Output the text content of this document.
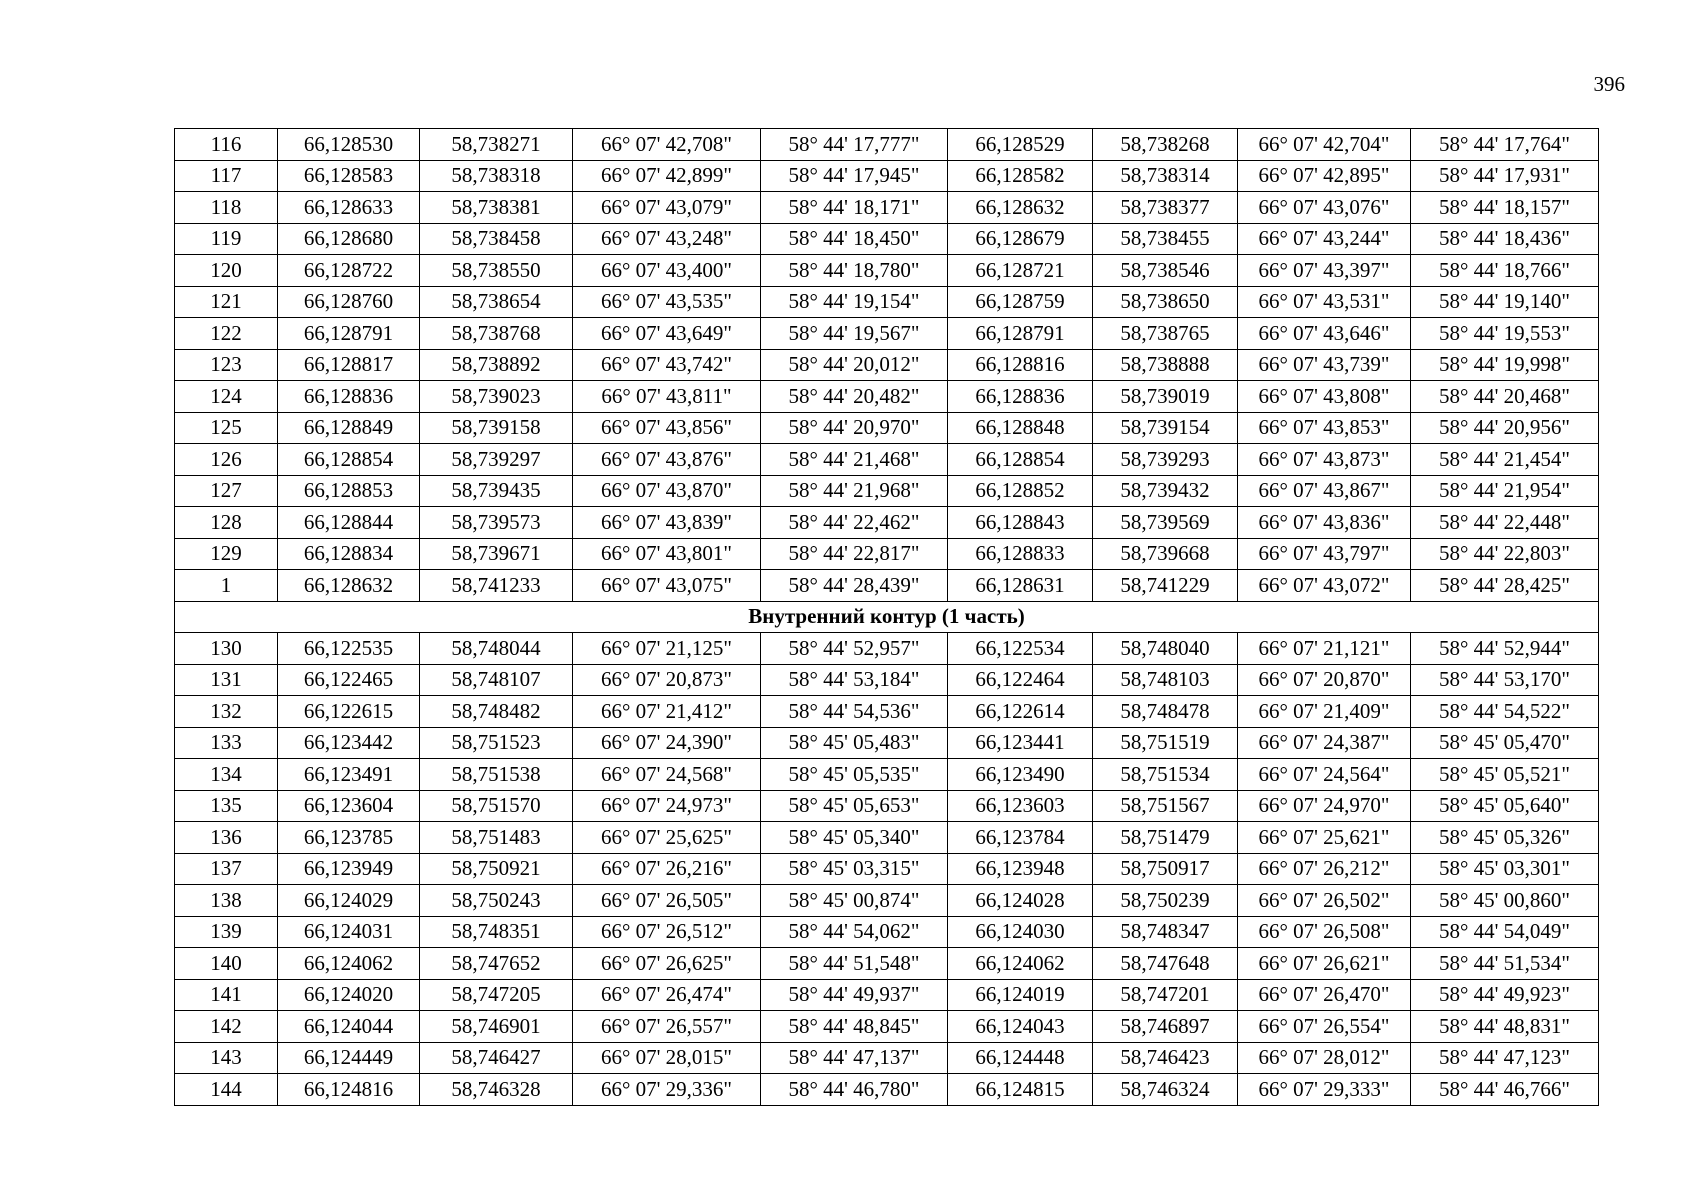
396
116	66,128530	58,738271	66° 07' 42,708"	58° 44' 17,777"	66,128529	58,738268	66° 07' 42,704"	58° 44' 17,764"
117	66,128583	58,738318	66° 07' 42,899"	58° 44' 17,945"	66,128582	58,738314	66° 07' 42,895"	58° 44' 17,931"
118	66,128633	58,738381	66° 07' 43,079"	58° 44' 18,171"	66,128632	58,738377	66° 07' 43,076"	58° 44' 18,157"
119	66,128680	58,738458	66° 07' 43,248"	58° 44' 18,450"	66,128679	58,738455	66° 07' 43,244"	58° 44' 18,436"
120	66,128722	58,738550	66° 07' 43,400"	58° 44' 18,780"	66,128721	58,738546	66° 07' 43,397"	58° 44' 18,766"
121	66,128760	58,738654	66° 07' 43,535"	58° 44' 19,154"	66,128759	58,738650	66° 07' 43,531"	58° 44' 19,140"
122	66,128791	58,738768	66° 07' 43,649"	58° 44' 19,567"	66,128791	58,738765	66° 07' 43,646"	58° 44' 19,553"
123	66,128817	58,738892	66° 07' 43,742"	58° 44' 20,012"	66,128816	58,738888	66° 07' 43,739"	58° 44' 19,998"
124	66,128836	58,739023	66° 07' 43,811"	58° 44' 20,482"	66,128836	58,739019	66° 07' 43,808"	58° 44' 20,468"
125	66,128849	58,739158	66° 07' 43,856"	58° 44' 20,970"	66,128848	58,739154	66° 07' 43,853"	58° 44' 20,956"
126	66,128854	58,739297	66° 07' 43,876"	58° 44' 21,468"	66,128854	58,739293	66° 07' 43,873"	58° 44' 21,454"
127	66,128853	58,739435	66° 07' 43,870"	58° 44' 21,968"	66,128852	58,739432	66° 07' 43,867"	58° 44' 21,954"
128	66,128844	58,739573	66° 07' 43,839"	58° 44' 22,462"	66,128843	58,739569	66° 07' 43,836"	58° 44' 22,448"
129	66,128834	58,739671	66° 07' 43,801"	58° 44' 22,817"	66,128833	58,739668	66° 07' 43,797"	58° 44' 22,803"
1	66,128632	58,741233	66° 07' 43,075"	58° 44' 28,439"	66,128631	58,741229	66° 07' 43,072"	58° 44' 28,425"
Внутренний контур (1 часть)								
130	66,122535	58,748044	66° 07' 21,125"	58° 44' 52,957"	66,122534	58,748040	66° 07' 21,121"	58° 44' 52,944"
131	66,122465	58,748107	66° 07' 20,873"	58° 44' 53,184"	66,122464	58,748103	66° 07' 20,870"	58° 44' 53,170"
132	66,122615	58,748482	66° 07' 21,412"	58° 44' 54,536"	66,122614	58,748478	66° 07' 21,409"	58° 44' 54,522"
133	66,123442	58,751523	66° 07' 24,390"	58° 45' 05,483"	66,123441	58,751519	66° 07' 24,387"	58° 45' 05,470"
134	66,123491	58,751538	66° 07' 24,568"	58° 45' 05,535"	66,123490	58,751534	66° 07' 24,564"	58° 45' 05,521"
135	66,123604	58,751570	66° 07' 24,973"	58° 45' 05,653"	66,123603	58,751567	66° 07' 24,970"	58° 45' 05,640"
136	66,123785	58,751483	66° 07' 25,625"	58° 45' 05,340"	66,123784	58,751479	66° 07' 25,621"	58° 45' 05,326"
137	66,123949	58,750921	66° 07' 26,216"	58° 45' 03,315"	66,123948	58,750917	66° 07' 26,212"	58° 45' 03,301"
138	66,124029	58,750243	66° 07' 26,505"	58° 45' 00,874"	66,124028	58,750239	66° 07' 26,502"	58° 45' 00,860"
139	66,124031	58,748351	66° 07' 26,512"	58° 44' 54,062"	66,124030	58,748347	66° 07' 26,508"	58° 44' 54,049"
140	66,124062	58,747652	66° 07' 26,625"	58° 44' 51,548"	66,124062	58,747648	66° 07' 26,621"	58° 44' 51,534"
141	66,124020	58,747205	66° 07' 26,474"	58° 44' 49,937"	66,124019	58,747201	66° 07' 26,470"	58° 44' 49,923"
142	66,124044	58,746901	66° 07' 26,557"	58° 44' 48,845"	66,124043	58,746897	66° 07' 26,554"	58° 44' 48,831"
143	66,124449	58,746427	66° 07' 28,015"	58° 44' 47,137"	66,124448	58,746423	66° 07' 28,012"	58° 44' 47,123"
144	66,124816	58,746328	66° 07' 29,336"	58° 44' 46,780"	66,124815	58,746324	66° 07' 29,333"	58° 44' 46,766"
